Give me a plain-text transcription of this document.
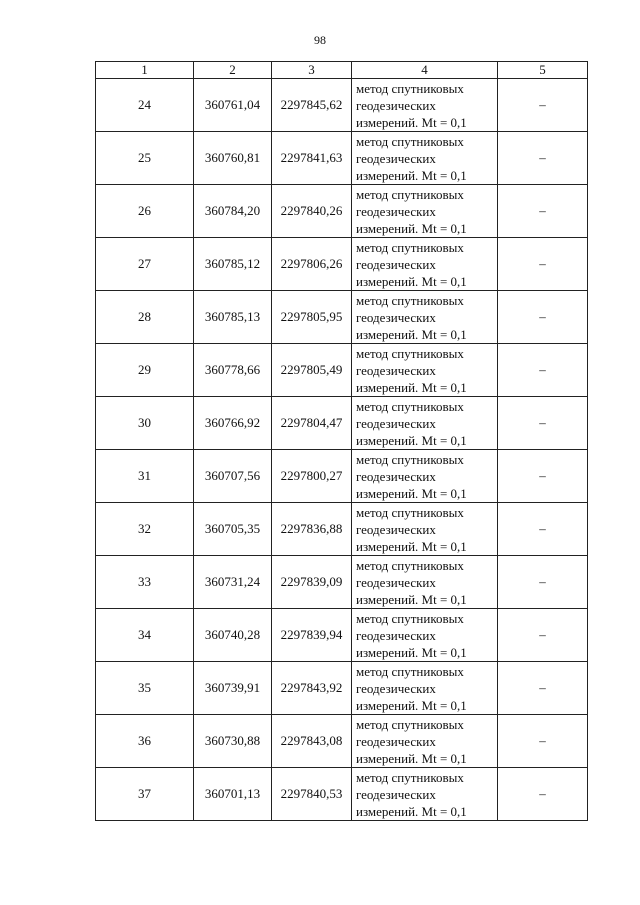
98
1	2	3	4	5
24	360761,04	2297845,62	метод спутниковых
геодезических
измерений. Mt = 0,1	–
25	360760,81	2297841,63	метод спутниковых
геодезических
измерений. Mt = 0,1	–
26	360784,20	2297840,26	метод спутниковых
геодезических
измерений. Mt = 0,1	–
27	360785,12	2297806,26	метод спутниковых
геодезических
измерений. Mt = 0,1	–
28	360785,13	2297805,95	метод спутниковых
геодезических
измерений. Mt = 0,1	–
29	360778,66	2297805,49	метод спутниковых
геодезических
измерений. Mt = 0,1	–
30	360766,92	2297804,47	метод спутниковых
геодезических
измерений. Mt = 0,1	–
31	360707,56	2297800,27	метод спутниковых
геодезических
измерений. Mt = 0,1	–
32	360705,35	2297836,88	метод спутниковых
геодезических
измерений. Mt = 0,1	–
33	360731,24	2297839,09	метод спутниковых
геодезических
измерений. Mt = 0,1	–
34	360740,28	2297839,94	метод спутниковых
геодезических
измерений. Mt = 0,1	–
35	360739,91	2297843,92	метод спутниковых
геодезических
измерений. Mt = 0,1	–
36	360730,88	2297843,08	метод спутниковых
геодезических
измерений. Mt = 0,1	–
37	360701,13	2297840,53	метод спутниковых
геодезических
измерений. Mt = 0,1	–
